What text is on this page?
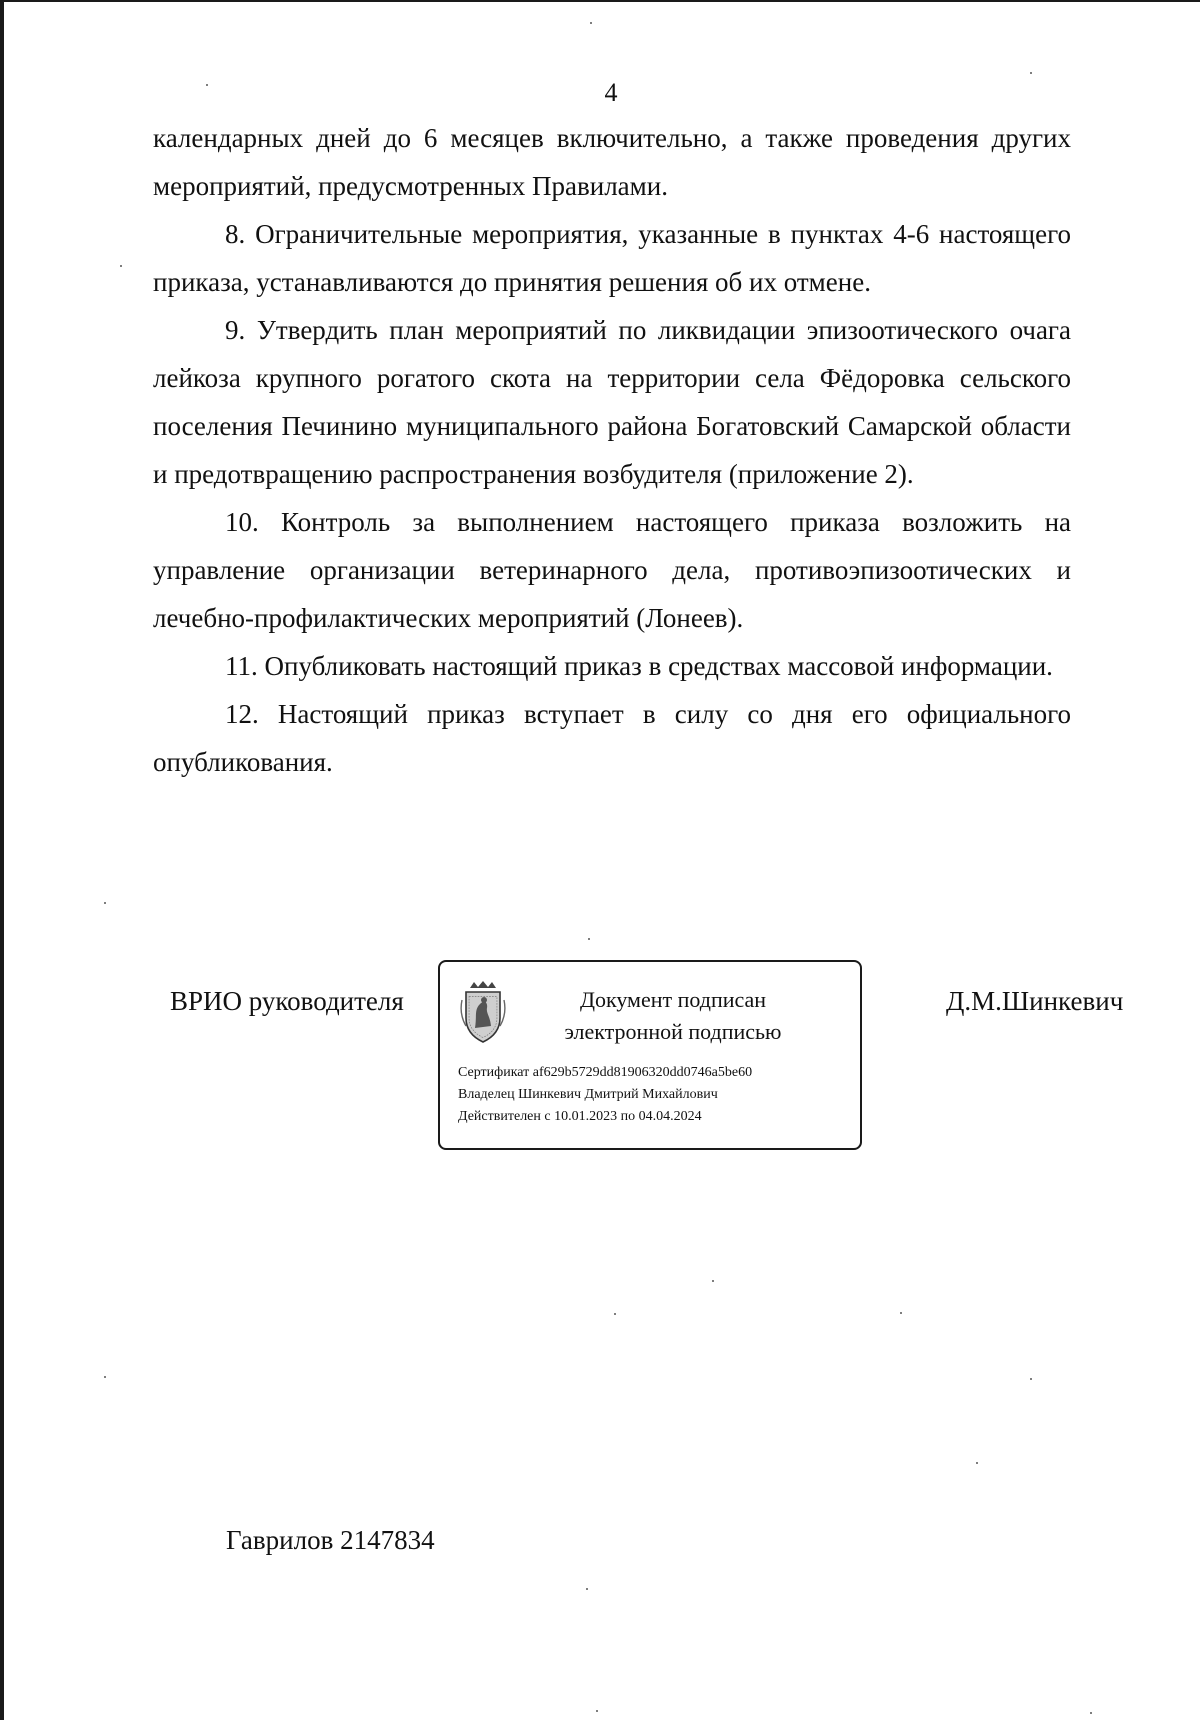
4

календарных дней до 6 месяцев включительно, а также проведения других мероприятий, предусмотренных Правилами.

8. Ограничительные мероприятия, указанные в пунктах 4-6 настоящего приказа, устанавливаются до принятия решения об их отмене.

9. Утвердить план мероприятий по ликвидации эпизоотического очага лейкоза крупного рогатого скота на территории села Фёдоровка сельского поселения Печинино муниципального района Богатовский Самарской области и предотвращению распространения возбудителя (приложение 2).

10. Контроль за выполнением настоящего приказа возложить на управление организации ветеринарного дела, противоэпизоотических и лечебно-профилактических мероприятий (Лонеев).

11. Опубликовать настоящий приказ в средствах массовой информации.

12. Настоящий приказ вступает в силу со дня его официального опубликования.

ВРИО руководителя	Документ подписан
электронной подписью
Сертификат af629b5729dd81906320dd0746a5be60
Владелец Шинкевич Дмитрий Михайлович
Действителен с 10.01.2023 по 04.04.2024
Д.М.Шинкевич
Гаврилов 2147834
